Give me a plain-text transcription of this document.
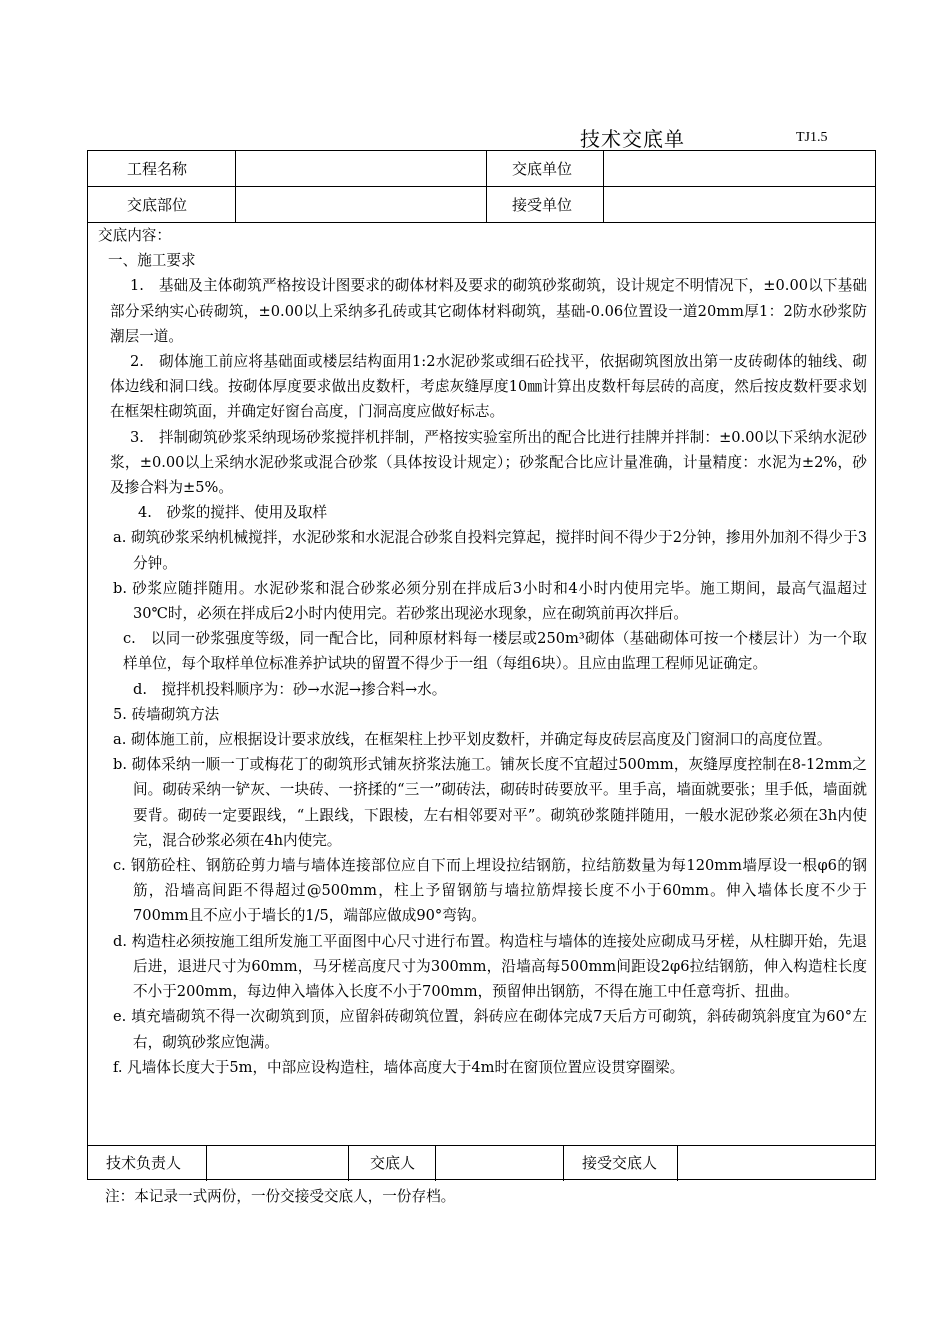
技术交底单	TJ1.5
工程名称	交底单位
交底部位	接受单位

交底内容：

一、施工要求

1.　基础及主体砌筑严格按设计图要求的砌体材料及要求的砌筑砂浆砌筑，设计规定不明情况下，±0.00以下基础部分采纳实心砖砌筑，±0.00以上采纳多孔砖或其它砌体材料砌筑，基础-0.06位置设一道20mm厚1：2防水砂浆防潮层一道。

2.　砌体施工前应将基础面或楼层结构面用1:2水泥砂浆或细石砼找平，依据砌筑图放出第一皮砖砌体的轴线、砌体边线和洞口线。按砌体厚度要求做出皮数杆，考虑灰缝厚度10㎜计算出皮数杆每层砖的高度，然后按皮数杆要求划在框架柱砌筑面，并确定好窗台高度，门洞高度应做好标志。

3.　拌制砌筑砂浆采纳现场砂浆搅拌机拌制，严格按实验室所出的配合比进行挂牌并拌制：±0.00以下采纳水泥砂浆，±0.00以上采纳水泥砂浆或混合砂浆（具体按设计规定）；砂浆配合比应计量准确，计量精度：水泥为±2%，砂及掺合料为±5%。

4.　砂浆的搅拌、使用及取样

a. 砌筑砂浆采纳机械搅拌，水泥砂浆和水泥混合砂浆自投料完算起，搅拌时间不得少于2分钟，掺用外加剂不得少于3分钟。

b. 砂浆应随拌随用。水泥砂浆和混合砂浆必须分别在拌成后3小时和4小时内使用完毕。施工期间，最高气温超过30℃时，必须在拌成后2小时内使用完。若砂浆出现泌水现象，应在砌筑前再次拌后。

c.　以同一砂浆强度等级，同一配合比，同种原材料每一楼层或250m³砌体（基础砌体可按一个楼层计）为一个取样单位，每个取样单位标准养护试块的留置不得少于一组（每组6块）。且应由监理工程师见证确定。

d.　搅拌机投料顺序为：砂→水泥→掺合料→水。

5. 砖墙砌筑方法

a. 砌体施工前，应根据设计要求放线，在框架柱上抄平划皮数杆，并确定每皮砖层高度及门窗洞口的高度位置。

b. 砌体采纳一顺一丁或梅花丁的砌筑形式铺灰挤浆法施工。铺灰长度不宜超过500mm，灰缝厚度控制在8-12mm之间。砌砖采纳一铲灰、一块砖、一挤揉的“三一”砌砖法，砌砖时砖要放平。里手高，墙面就要张；里手低，墙面就要背。砌砖一定要跟线，“上跟线，下跟棱，左右相邻要对平”。砌筑砂浆随拌随用，一般水泥砂浆必须在3h内使完，混合砂浆必须在4h内使完。

c. 钢筋砼柱、钢筋砼剪力墙与墙体连接部位应自下而上埋设拉结钢筋，拉结筋数量为每120mm墙厚设一根φ6的钢筋，沿墙高间距不得超过@500mm，柱上予留钢筋与墙拉筋焊接长度不小于60mm。伸入墙体长度不少于700mm且不应小于墙长的1/5，端部应做成90°弯钩。

d. 构造柱必须按施工组所发施工平面图中心尺寸进行布置。构造柱与墙体的连接处应砌成马牙槎，从柱脚开始，先退后进，退进尺寸为60mm，马牙槎高度尺寸为300mm，沿墙高每500mm间距设2φ6拉结钢筋，伸入构造柱长度不小于200mm，每边伸入墙体入长度不小于700mm，预留伸出钢筋，不得在施工中任意弯折、扭曲。

e. 填充墙砌筑不得一次砌筑到顶，应留斜砖砌筑位置，斜砖应在砌体完成7天后方可砌筑，斜砖砌筑斜度宜为60°左右，砌筑砂浆应饱满。

f. 凡墙体长度大于5m，中部应设构造柱，墙体高度大于4m时在窗顶位置应设贯穿圈梁。

技术负责人	交底人	接受交底人
注：本记录一式两份，一份交接受交底人，一份存档。
